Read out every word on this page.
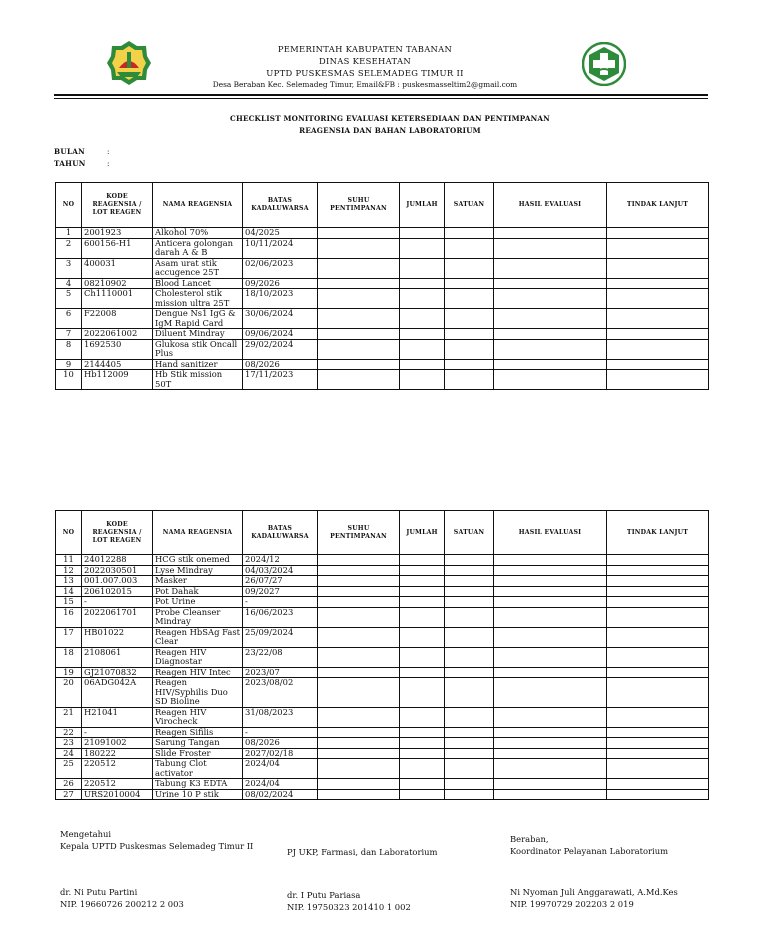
PEMERINTAH KABUPATEN TABANAN
DINAS KESEHATAN
UPTD PUSKESMAS SELEMADEG TIMUR II
Desa Beraban Kec. Selemadeg Timur, Email&FB : puskesmasseltim2@gmail.com
CHECKLIST MONITORING EVALUASI KETERSEDIAAN DAN PENTIMPANAN
REAGENSIA DAN BAHAN LABORATORIUM
BULAN	:
TAHUN	:
NO	KODE REAGENSIA / LOT REAGEN	NAMA REAGENSIA	BATAS KADALUWARSA	SUHU PENTIMPANAN	JUMLAH	SATUAN	HASIL EVALUASI	TINDAK LANJUT
1	2001923	Alkohol 70%	04/2025					
2	600156-H1	Anticera golongan darah A & B	10/11/2024					
3	400031	Asam urat stik accugence 25T	02/06/2023					
4	08210902	Blood Lancet	09/2026					
5	Ch1110001	Cholesterol stik mission ultra 25T	18/10/2023					
6	F22008	Dengue Ns1 IgG & IgM Rapid Card	30/06/2024					
7	2022061002	Diluent Mindray	09/06/2024					
8	1692530	Glukosa stik Oncall Plus	29/02/2024					
9	2144405	Hand sanitizer	08/2026					
10	Hb112009	Hb Stik mission 50T	17/11/2023					
NO	KODE REAGENSIA / LOT REAGEN	NAMA REAGENSIA	BATAS KADALUWARSA	SUHU PENTIMPANAN	JUMLAH	SATUAN	HASIL EVALUASI	TINDAK LANJUT
11	24012288	HCG stik onemed	2024/12					
12	2022030501	Lyse Mindray	04/03/2024					
13	001.007.003	Masker	26/07/27					
14	206102015	Pot Dahak	09/2027					
15	-	Pot Urine	-					
16	2022061701	Probe Cleanser Mindray	16/06/2023					
17	HB01022	Reagen HbSAg Fast Clear	25/09/2024					
18	2108061	Reagen HIV Diagnostar	23/22/08					
19	GJ21070832	Reagen HIV Intec	2023/07					
20	06ADG042A	Reagen HIV/Syphilis Duo SD Bioline	2023/08/02					
21	H21041	Reagen HIV Virocheck	31/08/2023					
22	-	Reagen Sifilis	-					
23	21091002	Sarung Tangan	08/2026					
24	180222	Slide Froster	2027/02/18					
25	220512	Tabung Clot activator	2024/04					
26	220512	Tabung K3 EDTA	2024/04					
27	URS2010004	Urine 10 P stik	08/02/2024					
Mengetahui
Kepala UPTD Puskesmas Selemadeg Timur II
PJ UKP, Farmasi, dan Laboratorium
Beraban,
Koordinator Pelayanan Laboratorium
dr. Ni Putu Partini
NIP. 19660726 200212 2 003
dr. I Putu Pariasa
NIP. 19750323 201410 1 002
Ni Nyoman Juli Anggarawati, A.Md.Kes
NIP. 19970729 202203 2 019
